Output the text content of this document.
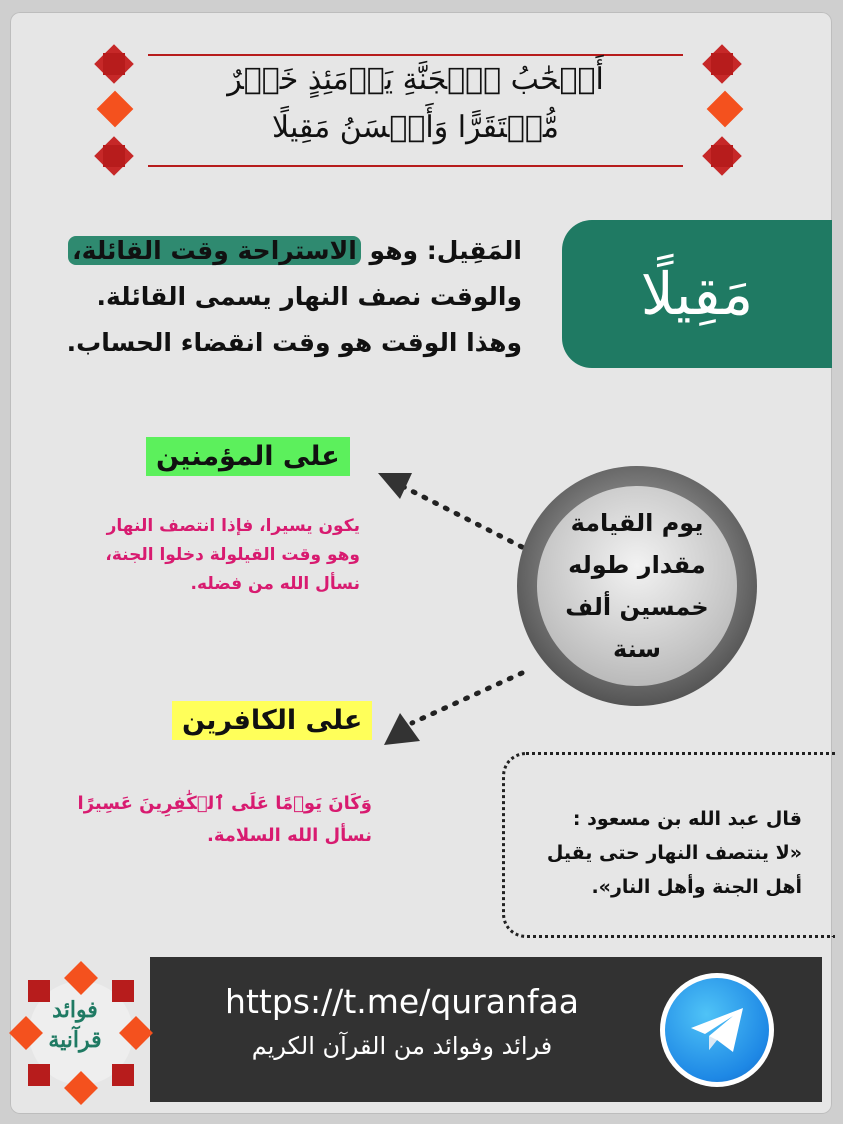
أَصۡحَٰبُ ٱلۡجَنَّةِ يَوۡمَئِذٍ خَيۡرٌ
مُّسۡتَقَرًّا وَأَحۡسَنُ مَقِيلًا
مَقِيلًا
المَقِيل: وهو الاستراحة وقت القائلة،
والوقت نصف النهار يسمى القائلة.
وهذا الوقت هو وقت انقضاء الحساب.
يوم القيامة
مقدار طوله
خمسين ألف
سنة
على المؤمنين
يكون يسيرا، فإذا انتصف النهار
وهو وقت القيلولة دخلوا الجنة،
نسأل الله من فضله.
على الكافرين
وَكَانَ يَوۡمًا عَلَى ٱلۡكَٰفِرِينَ عَسِيرًا
نسأل الله السلامة.
قال عبد الله بن مسعود :
«لا ينتصف النهار حتى يقيل
أهل الجنة وأهل النار».
https://t.me/quranfaa
فرائد وفوائد من القرآن الكريم
فوائد
قرآنية
